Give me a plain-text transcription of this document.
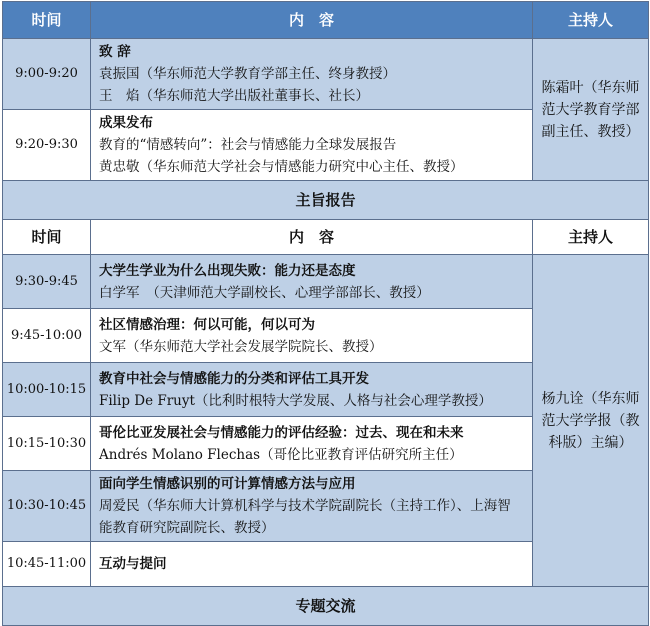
时间	内　容	主持人
9:00-9:20	致 辞
袁振国（华东师范大学教育学部主任、终身教授）
王　焰（华东师范大学出版社董事长、社长）	陈霜叶（华东师范大学教育学部副主任、教授）
9:20-9:30	成果发布
教育的“情感转向”：社会与情感能力全球发展报告
黄忠敬（华东师范大学社会与情感能力研究中心主任、教授）	

主旨报告		
时间	内　容	主持人
9:30-9:45	大学生学业为什么出现失败：能力还是态度
白学军　（天津师范大学副校长、心理学部部长、教授）	杨九诠（华东师范大学学报（教科版）主编）
9:45-10:00	社区情感治理：何以可能，何以可为
文军（华东师范大学社会发展学院院长、教授）	

10:00-10:15	教育中社会与情感能力的分类和评估工具开发
Filip De Fruyt（比利时根特大学发展、人格与社会心理学教授）	

10:15-10:30	哥伦比亚发展社会与情感能力的评估经验：过去、现在和未来
Andrés Molano Flechas（哥伦比亚教育评估研究所主任）	

10:30-10:45	面向学生情感识别的可计算情感方法与应用
周爱民（华东师大计算机科学与技术学院副院长（主持工作）、上海智能教育研究院副院长、教授）	

10:45-11:00	互动与提问	

专题交流		
